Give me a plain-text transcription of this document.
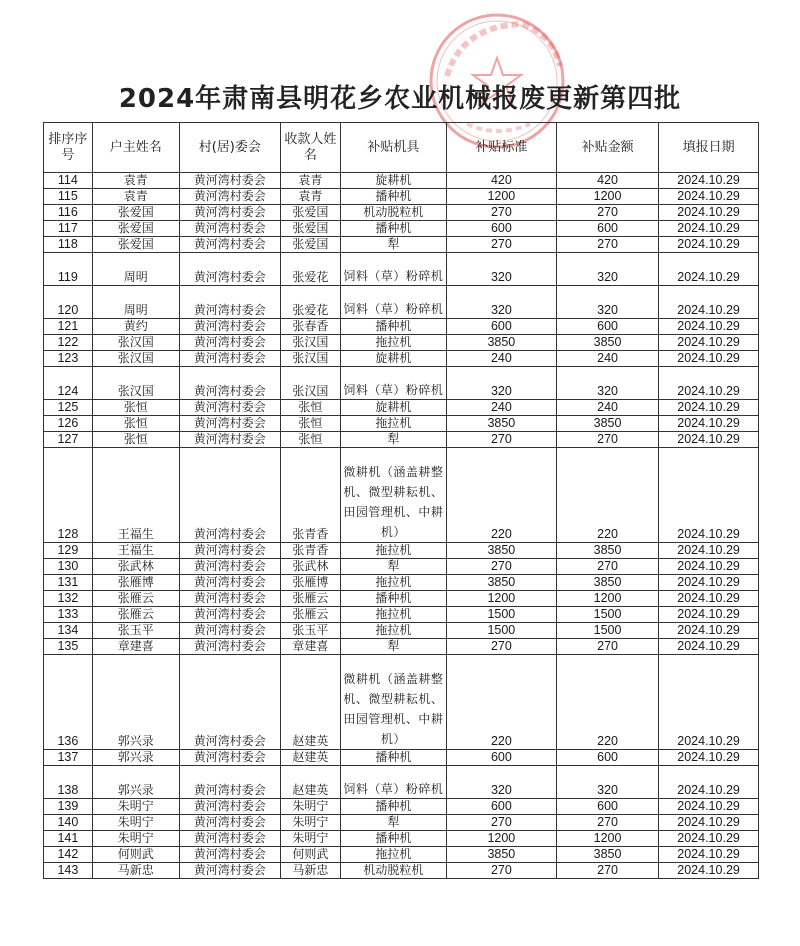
2024年肃南县明花乡农业机械报废更新第四批
排序序号	户主姓名	村(居)委会	收款人姓名	补贴机具	补贴标准	补贴金额	填报日期
114	袁青	黄河湾村委会	袁青	旋耕机	420	420	2024.10.29
115	袁青	黄河湾村委会	袁青	播种机	1200	1200	2024.10.29
116	张爱国	黄河湾村委会	张爱国	机动脱粒机	270	270	2024.10.29
117	张爱国	黄河湾村委会	张爱国	播种机	600	600	2024.10.29
118	张爱国	黄河湾村委会	张爱国	犁	270	270	2024.10.29
119	周明	黄河湾村委会	张爱花	饲料（草）粉碎机	320	320	2024.10.29
120	周明	黄河湾村委会	张爱花	饲料（草）粉碎机	320	320	2024.10.29
121	黄约	黄河湾村委会	张春香	播种机	600	600	2024.10.29
122	张汉国	黄河湾村委会	张汉国	拖拉机	3850	3850	2024.10.29
123	张汉国	黄河湾村委会	张汉国	旋耕机	240	240	2024.10.29
124	张汉国	黄河湾村委会	张汉国	饲料（草）粉碎机	320	320	2024.10.29
125	张恒	黄河湾村委会	张恒	旋耕机	240	240	2024.10.29
126	张恒	黄河湾村委会	张恒	拖拉机	3850	3850	2024.10.29
127	张恒	黄河湾村委会	张恒	犁	270	270	2024.10.29
128	王福生	黄河湾村委会	张青香	微耕机（涵盖耕整机、微型耕耘机、田园管理机、中耕机）	220	220	2024.10.29
129	王福生	黄河湾村委会	张青香	拖拉机	3850	3850	2024.10.29
130	张武林	黄河湾村委会	张武林	犁	270	270	2024.10.29
131	张雁博	黄河湾村委会	张雁博	拖拉机	3850	3850	2024.10.29
132	张雁云	黄河湾村委会	张雁云	播种机	1200	1200	2024.10.29
133	张雁云	黄河湾村委会	张雁云	拖拉机	1500	1500	2024.10.29
134	张玉平	黄河湾村委会	张玉平	拖拉机	1500	1500	2024.10.29
135	章建喜	黄河湾村委会	章建喜	犁	270	270	2024.10.29
136	郭兴录	黄河湾村委会	赵建英	微耕机（涵盖耕整机、微型耕耘机、田园管理机、中耕机）	220	220	2024.10.29
137	郭兴录	黄河湾村委会	赵建英	播种机	600	600	2024.10.29
138	郭兴录	黄河湾村委会	赵建英	饲料（草）粉碎机	320	320	2024.10.29
139	朱明宁	黄河湾村委会	朱明宁	播种机	600	600	2024.10.29
140	朱明宁	黄河湾村委会	朱明宁	犁	270	270	2024.10.29
141	朱明宁	黄河湾村委会	朱明宁	播种机	1200	1200	2024.10.29
142	何则武	黄河湾村委会	何则武	拖拉机	3850	3850	2024.10.29
143	马新忠	黄河湾村委会	马新忠	机动脱粒机	270	270	2024.10.29
